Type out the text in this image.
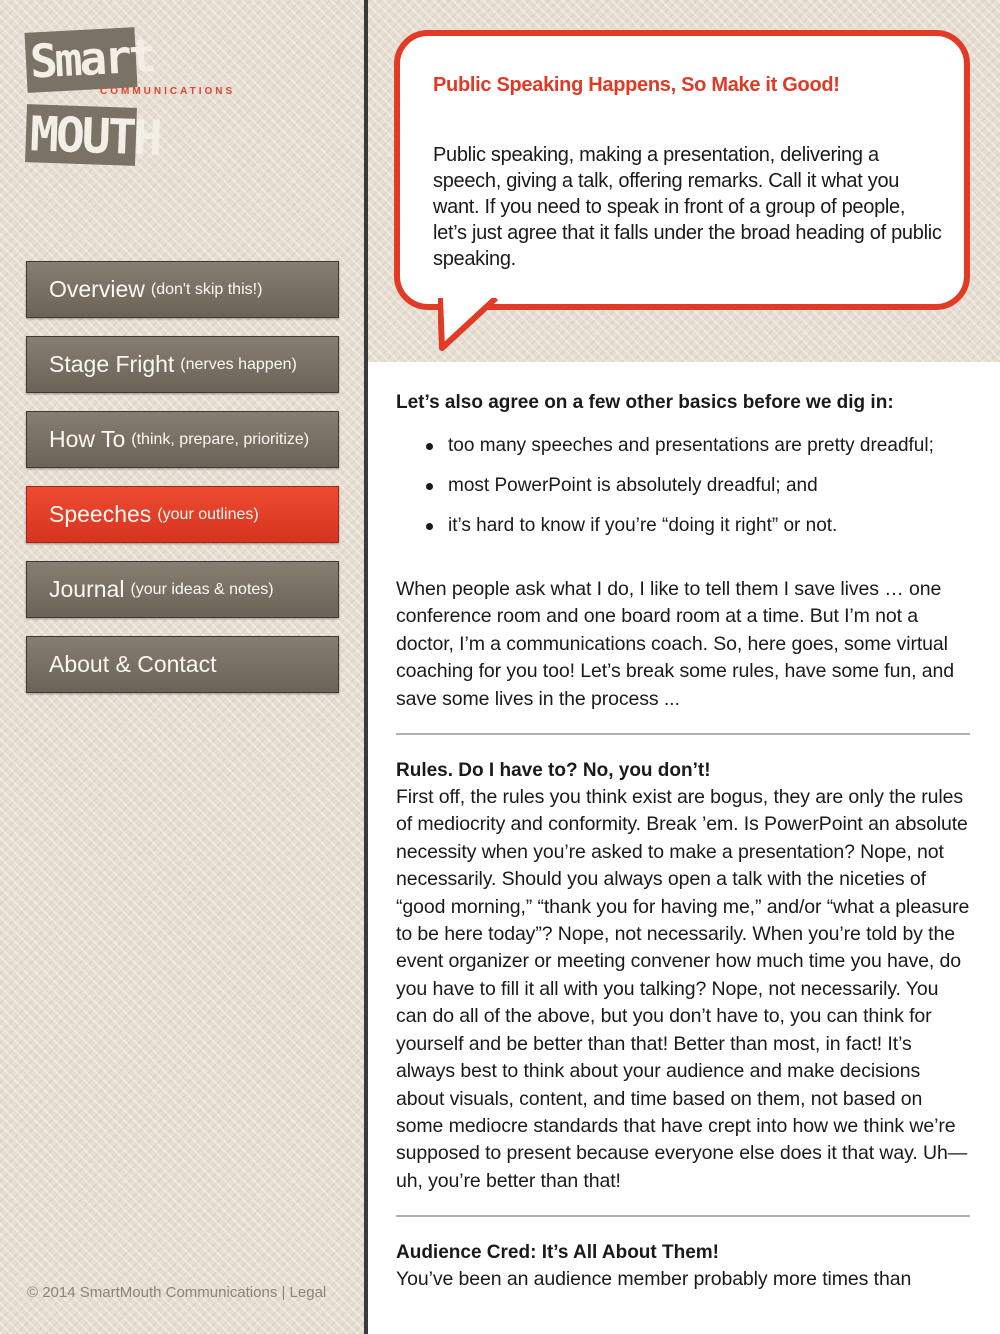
Smart
COMMUNICATIONS
MOUTH
Overview (don't skip this!)
Stage Fright (nerves happen)
How To (think, prepare, prioritize)
Speeches (your outlines)
Journal (your ideas & notes)
About & Contact
© 2014 SmartMouth Communications | Legal
Public Speaking Happens, So Make it Good!
Public speaking, making a presentation, delivering a speech, giving a talk, offering remarks. Call it what you want. If you need to speak in front of a group of people, let’s just agree that it falls under the broad heading of public speaking.
Let’s also agree on a few other basics before we dig in:
too many speeches and presentations are pretty dreadful;
most PowerPoint is absolutely dreadful; and
it’s hard to know if you’re “doing it right” or not.

When people ask what I do, I like to tell them I save lives … one conference room and one board room at a time. But I’m not a doctor, I’m a communications coach. So, here goes, some virtual coaching for you too! Let’s break some rules, have some fun, and save some lives in the process ...

Rules. Do I have to? No, you don’t!

First off, the rules you think exist are bogus, they are only the rules of mediocrity and conformity. Break ’em. Is PowerPoint an absolute necessity when you’re asked to make a presentation? Nope, not necessarily. Should you always open a talk with the niceties of “good morning,” “thank you for having me,” and/or “what a pleasure to be here today”? Nope, not necessarily. When you’re told by the event organizer or meeting convener how much time you have, do you have to fill it all with you talking? Nope, not necessarily. You can do all of the above, but you don’t have to, you can think for yourself and be better than that! Better than most, in fact! It’s always best to think about your audience and make decisions about visuals, content, and time based on them, not based on some mediocre standards that have crept into how we think we’re supposed to present because everyone else does it that way. Uh—uh, you’re better than that!

Audience Cred: It’s All About Them!

You’ve been an audience member probably more times than
